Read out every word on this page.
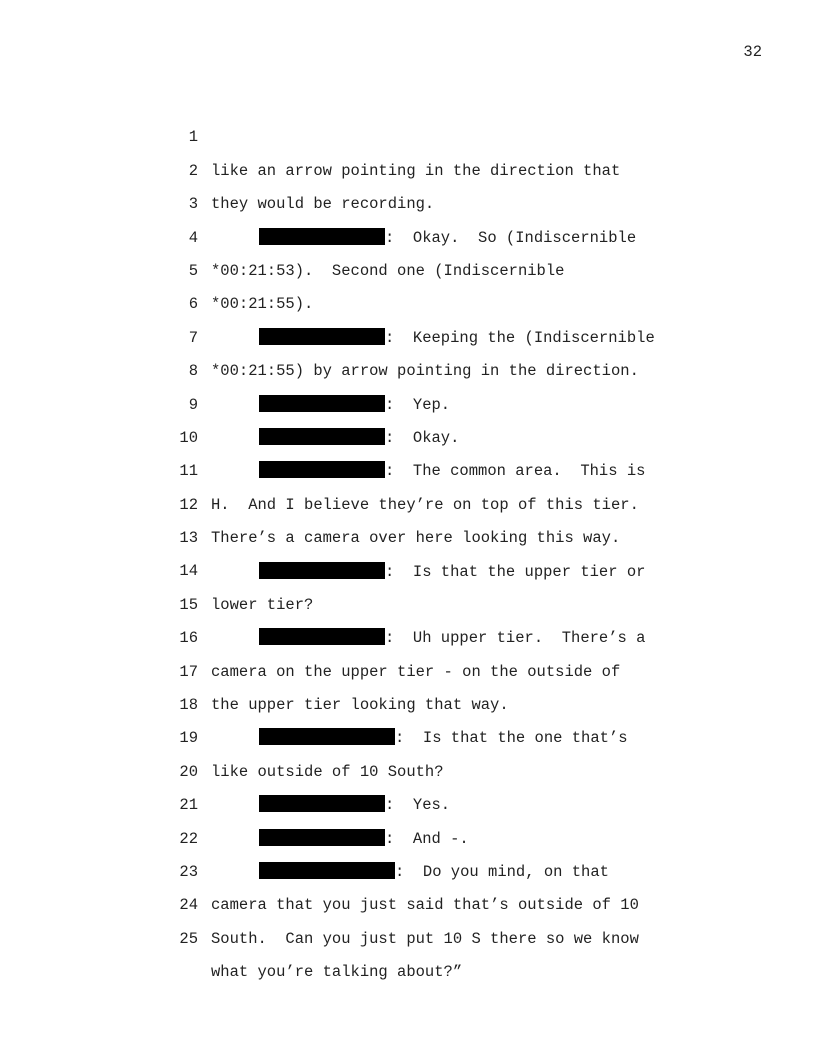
32

1

like an arrow pointing in the direction that

2

they would be recording.

3

:  Okay.  So (Indiscernible

4

*00:21:53).  Second one (Indiscernible

5

*00:21:55).

6

:  Keeping the (Indiscernible

7

*00:21:55) by arrow pointing in the direction.

8

:  Yep.

9

:  Okay.

10

:  The common area.  This is

11

H.  And I believe they’re on top of this tier.

12

There’s a camera over here looking this way.

13

:  Is that the upper tier or

14

lower tier?

15

:  Uh upper tier.  There’s a

16

camera on the upper tier - on the outside of

17

the upper tier looking that way.

18

:  Is that the one that’s

19

like outside of 10 South?

20

:  Yes.

21

:  And -.

22

:  Do you mind, on that

23

camera that you just said that’s outside of 10

24

South.  Can you just put 10 S there so we know

25

what you’re talking about?”
